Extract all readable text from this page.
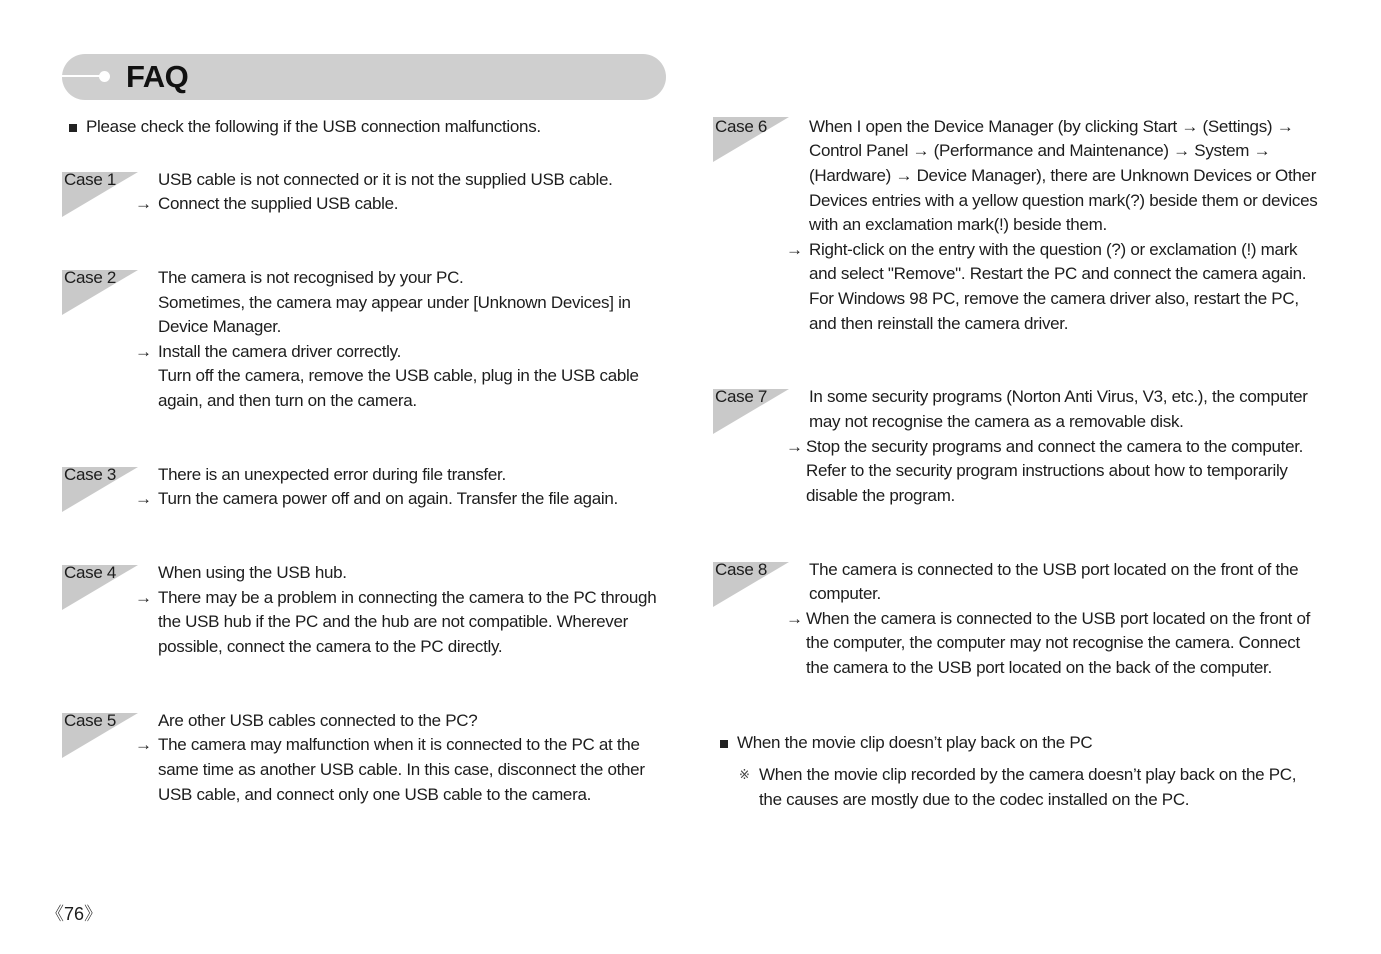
FAQ
Please check the following if the USB connection malfunctions.
Case 1 USB cable is not connected or it is not the supplied USB cable.
→ Connect the supplied USB cable.
Case 2 The camera is not recognised by your PC.
Sometimes, the camera may appear under [Unknown Devices] in
Device Manager.
→ Install the camera driver correctly.
Turn off the camera, remove the USB cable, plug in the USB cable
again, and then turn on the camera.
Case 3 There is an unexpected error during file transfer.
→ Turn the camera power off and on again. Transfer the file again.
Case 4 When using the USB hub.
→ There may be a problem in connecting the camera to the PC through
the USB hub if the PC and the hub are not compatible. Wherever
possible, connect the camera to the PC directly.
Case 5 Are other USB cables connected to the PC?
→ The camera may malfunction when it is connected to the PC at the
same time as another USB cable. In this case, disconnect the other
USB cable, and connect only one USB cable to the camera.
Case 6 When I open the Device Manager (by clicking Start → (Settings) →
Control Panel → (Performance and Maintenance) → System →
(Hardware) → Device Manager), there are Unknown Devices or Other
Devices entries with a yellow question mark(?) beside them or devices
with an exclamation mark(!) beside them.
→ Right-click on the entry with the question (?) or exclamation (!) mark
and select "Remove". Restart the PC and connect the camera again.
For Windows 98 PC, remove the camera driver also, restart the PC,
and then reinstall the camera driver.
Case 7 In some security programs (Norton Anti Virus, V3, etc.), the computer
may not recognise the camera as a removable disk.
→ Stop the security programs and connect the camera to the computer.
Refer to the security program instructions about how to temporarily
disable the program.
Case 8 The camera is connected to the USB port located on the front of the
computer.
→ When the camera is connected to the USB port located on the front of
the computer, the computer may not recognise the camera. Connect
the camera to the USB port located on the back of the computer.
When the movie clip doesn’t play back on the PC
※ When the movie clip recorded by the camera doesn’t play back on the PC,
the causes are mostly due to the codec installed on the PC.
《76》
